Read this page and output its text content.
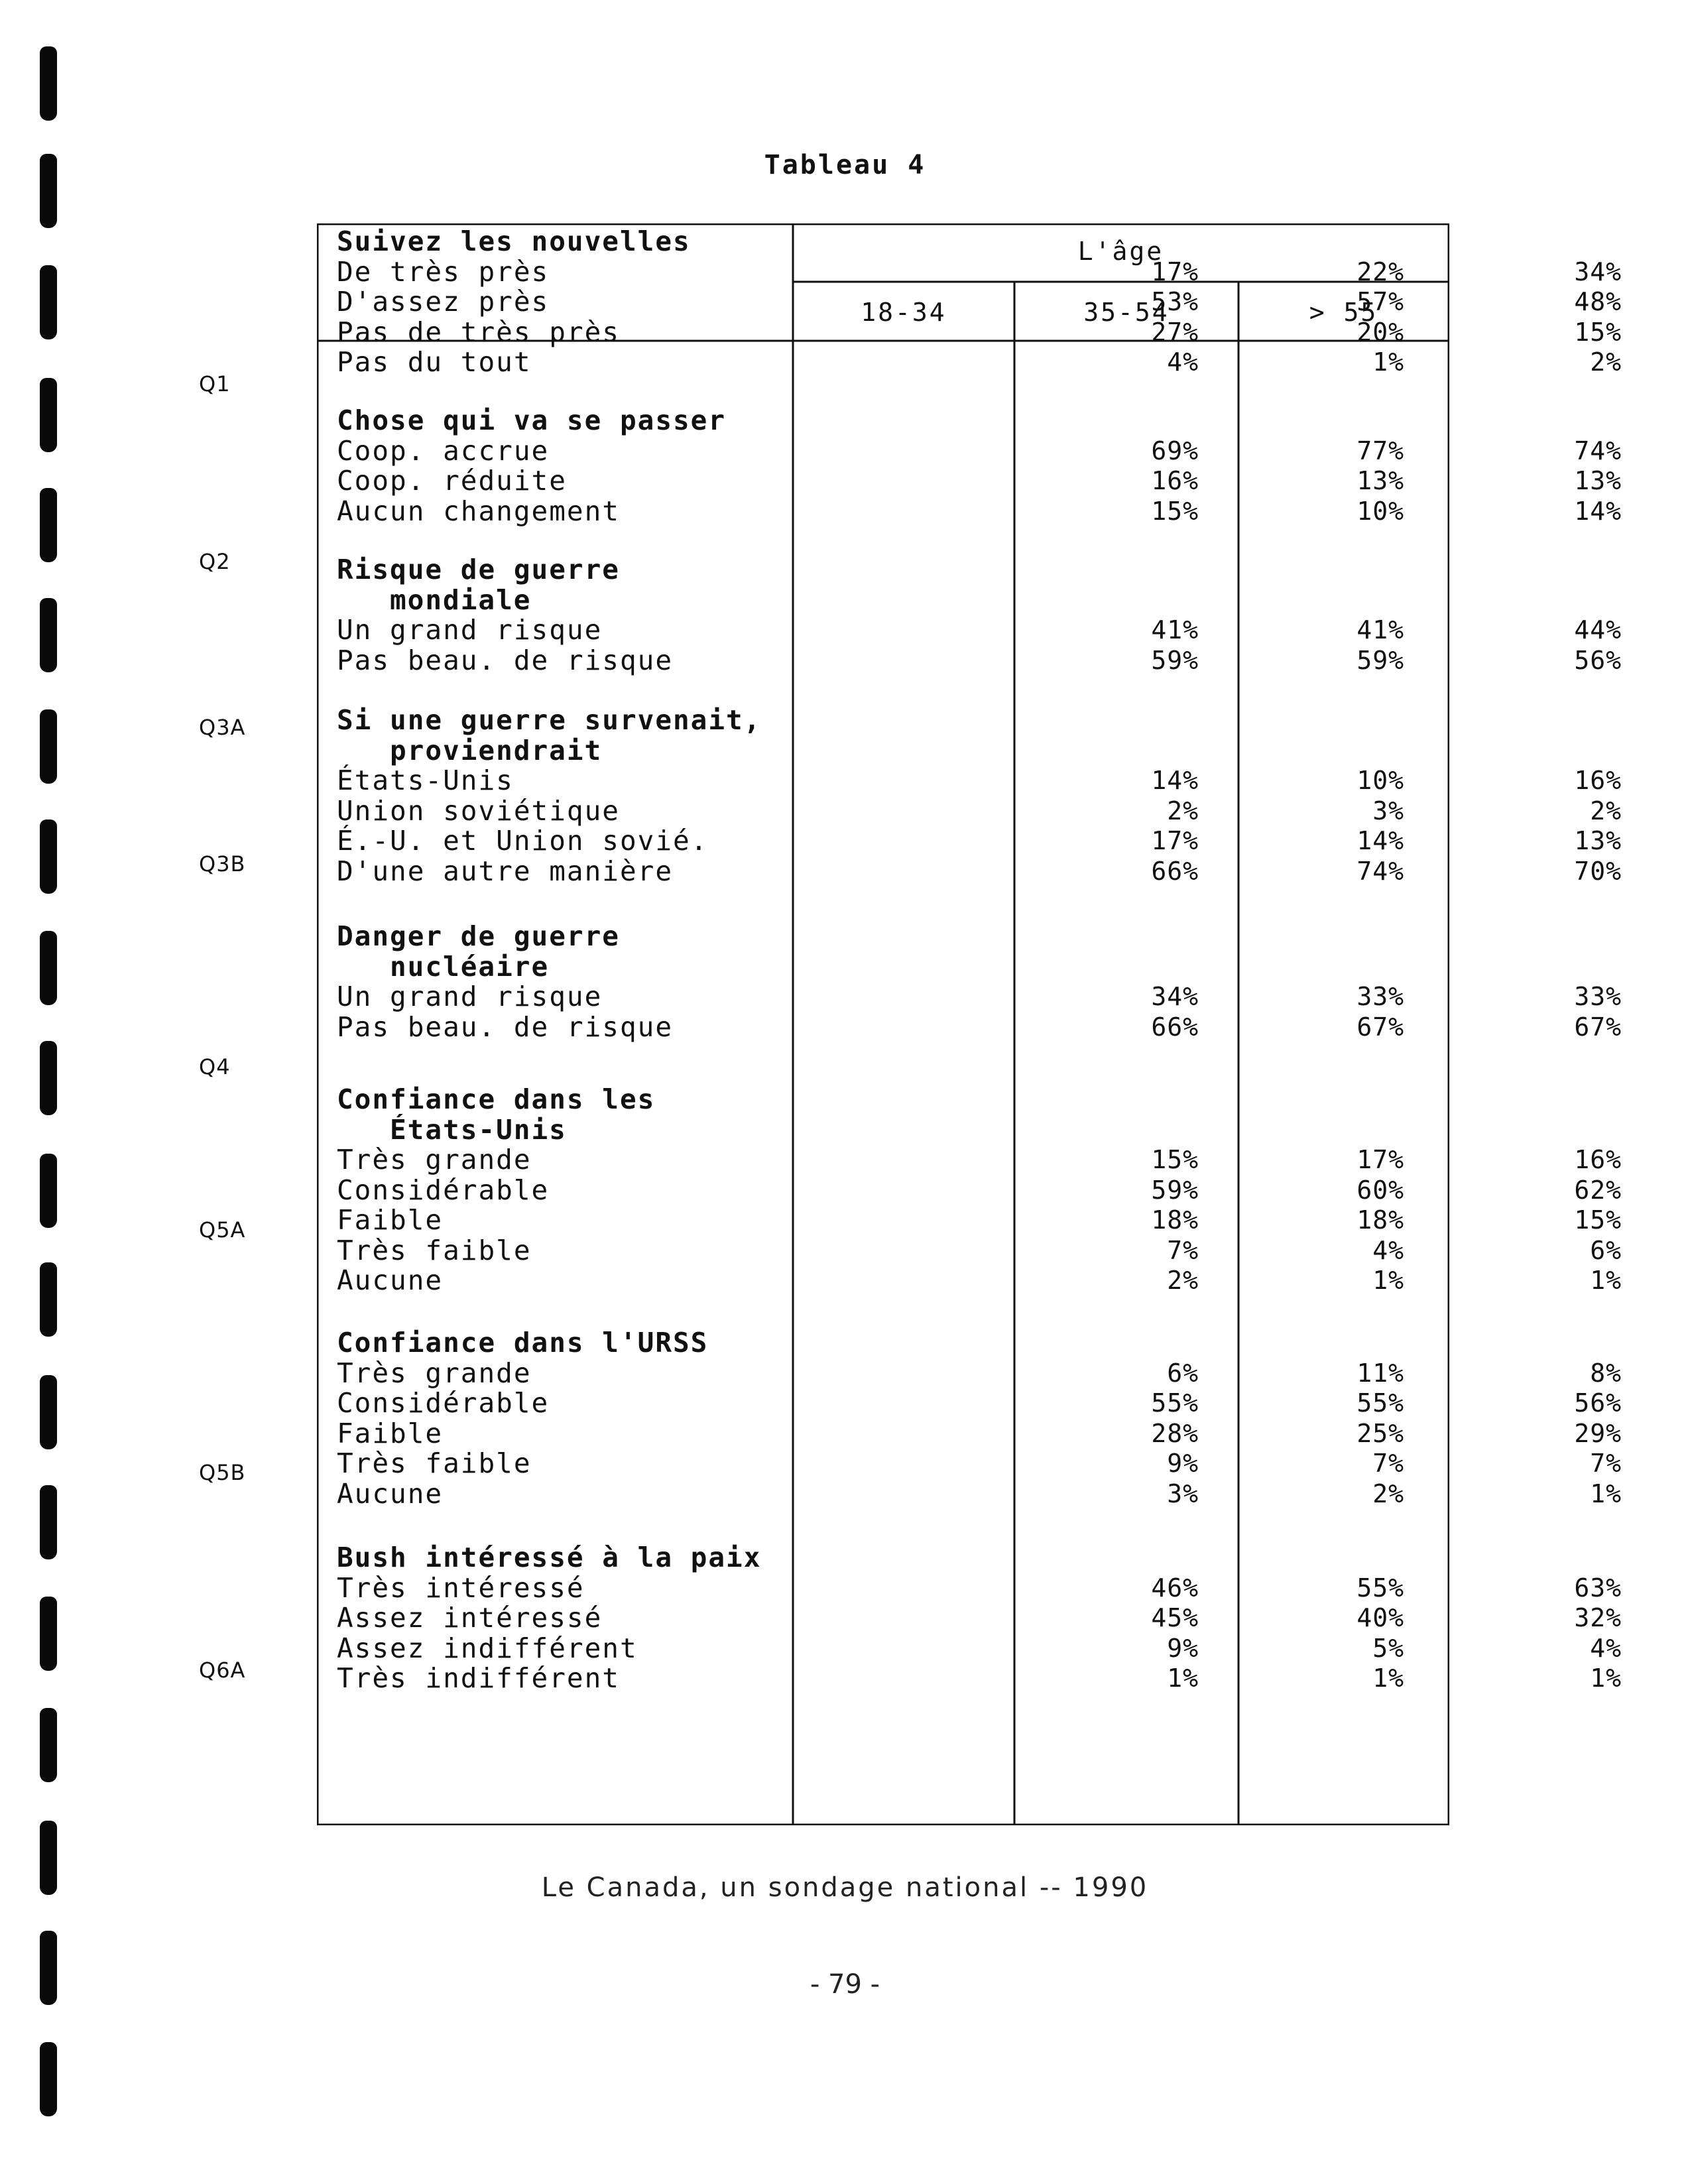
Tableau 4
Q1
Q2
Q3A
Q3B
Q4
Q5A
Q5B
Q6A
L'âge
18-34	35-54	> 55
Suivez les nouvelles
De très près	17%	22%	34%
D'assez près	53%	57%	48%
Pas de très près	27%	20%	15%
Pas du tout	4%	1%	2%
Chose qui va se passer
Coop. accrue	69%	77%	74%
Coop. réduite	16%	13%	13%
Aucun changement	15%	10%	14%
Risque de guerre
mondiale
Un grand risque	41%	41%	44%
Pas beau. de risque	59%	59%	56%
Si une guerre survenait,
proviendrait
États-Unis	14%	10%	16%
Union soviétique	2%	3%	2%
É.-U. et Union sovié.	17%	14%	13%
D'une autre manière	66%	74%	70%
Danger de guerre
nucléaire
Un grand risque	34%	33%	33%
Pas beau. de risque	66%	67%	67%
Confiance dans les
États-Unis
Très grande	15%	17%	16%
Considérable	59%	60%	62%
Faible	18%	18%	15%
Très faible	7%	4%	6%
Aucune	2%	1%	1%
Confiance dans l'URSS
Très grande	6%	11%	8%
Considérable	55%	55%	56%
Faible	28%	25%	29%
Très faible	9%	7%	7%
Aucune	3%	2%	1%
Bush intéressé à la paix
Très intéressé	46%	55%	63%
Assez intéressé	45%	40%	32%
Assez indifférent	9%	5%	4%
Très indifférent	1%	1%	1%
Le Canada, un sondage national -- 1990
- 79 -
